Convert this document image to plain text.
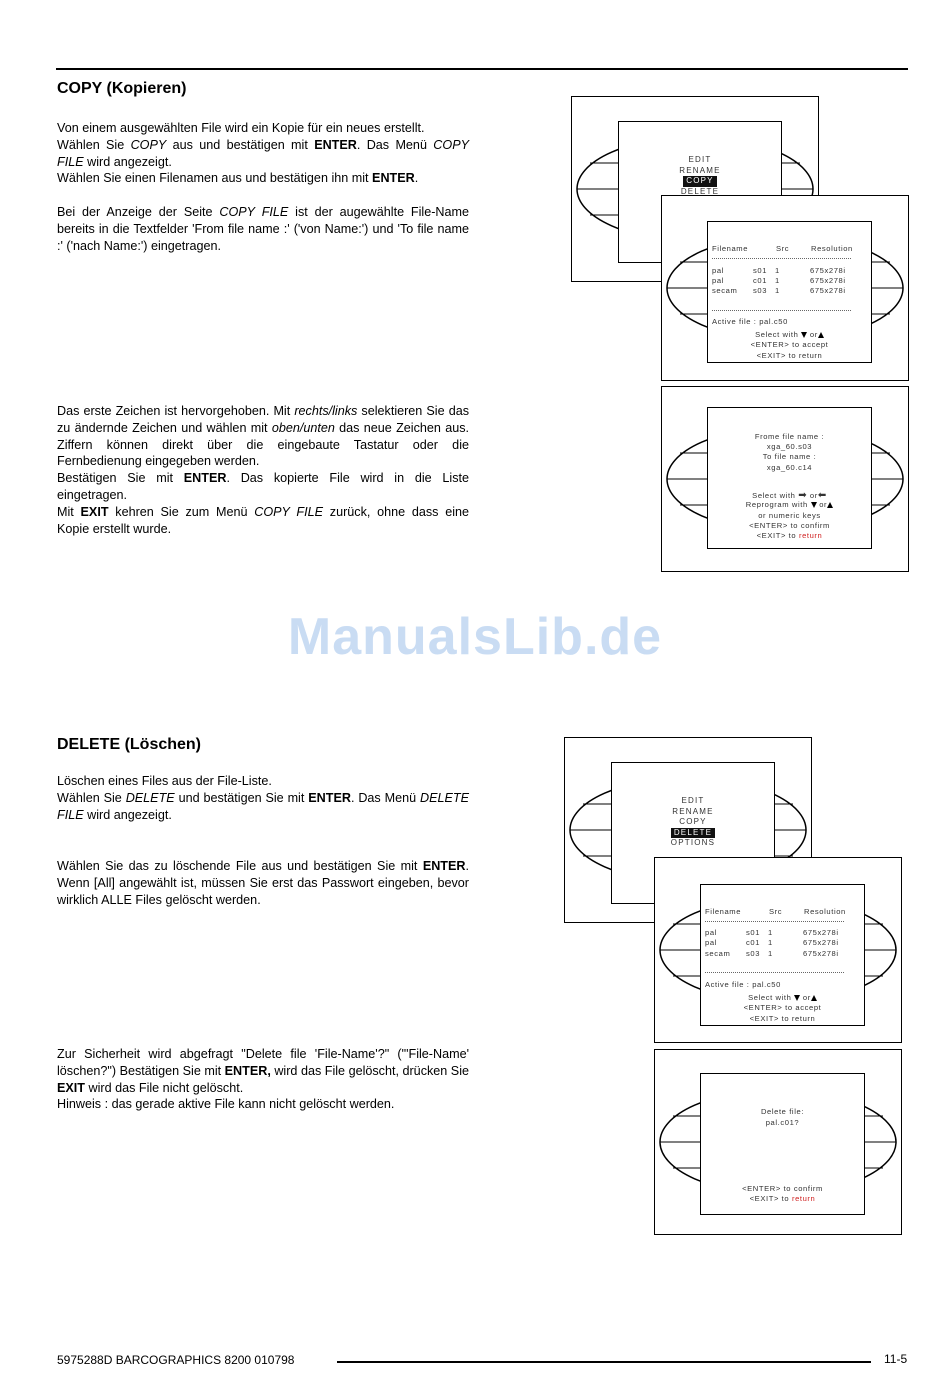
COPY (Kopieren)

Von einem ausgewählten File wird ein Kopie für ein neues erstellt.

Wählen Sie COPY aus und bestätigen mit ENTER. Das Menü COPY FILE wird angezeigt.

Wählen Sie einen Filenamen aus und bestätigen ihn mit ENTER.

Bei der Anzeige der Seite COPY FILE ist der augewählte File-Name bereits in die Textfelder 'From file name :' ('von Name:') und 'To file name :' ('nach Name:') eingetragen.

Das erste Zeichen ist hervorgehoben. Mit rechts/links selektieren Sie das zu ändernde Zeichen und wählen mit oben/unten das neue Zeichen aus. Ziffern können direkt über die eingebaute Tastatur oder die Fernbedienung eingegeben werden.

Bestätigen Sie mit ENTER. Das kopierte File wird in die Liste eingetragen.

Mit EXIT kehren Sie zum Menü COPY FILE zurück, ohne dass eine Kopie erstellt wurde.

EDIT
RENAME
COPY
DELETE
Filename	Src	Resolution
pal	s01 1	675x278i
pal	c01 1	675x278i
secam s03 1	675x278i
Active file : pal.c50
Select with or
<ENTER> to accept
<EXIT> to return
Frome file name :
xga_60.s03
To file name :
xga_60.c14
Select with ➡ or⬅
Reprogram with or
or numeric keys
<ENTER> to confirm
<EXIT> to return
ManualsLib.de
DELETE (Löschen)

Löschen eines Files aus der File-Liste.

Wählen Sie DELETE und bestätigen Sie mit ENTER. Das Menü DELETE FILE wird angezeigt.

Wählen Sie das zu löschende File aus und bestätigen Sie mit ENTER. Wenn [All] angewählt ist, müssen Sie erst das Passwort eingeben, bevor wirklich ALLE Files gelöscht werden.

Zur Sicherheit wird abgefragt "Delete file 'File-Name'?" ("'File-Name' löschen?") Bestätigen Sie mit ENTER, wird das File gelöscht, drücken Sie EXIT wird das File nicht gelöscht.

Hinweis : das gerade aktive File kann nicht gelöscht werden.

EDIT
RENAME
COPY
DELETE
OPTIONS
Filename	Src	Resolution
pal	s01 1	675x278i
pal	c01 1	675x278i
secam s03 1	675x278i
Active file : pal.c50
Select with or
<ENTER> to accept
<EXIT> to return
Delete file:
pal.c01?
<ENTER> to confirm
<EXIT> to return
5975288D BARCOGRAPHICS 8200 010798	11-5
